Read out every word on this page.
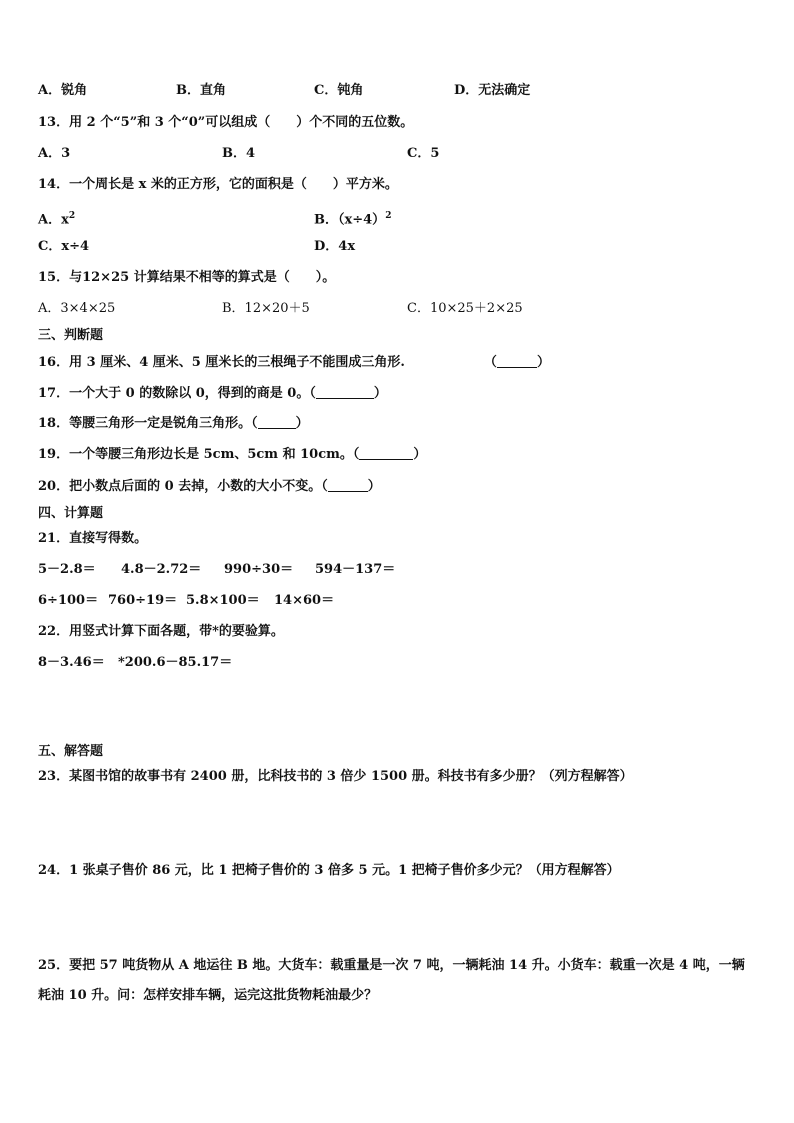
A．锐角	B．直角	C．钝角	D．无法确定
13．用 2 个“5”和 3 个“0”可以组成（　　）个不同的五位数。
A．3	B．4	C．5
14．一个周长是 x 米的正方形，它的面积是（　　）平方米。
A．$x^2$	B．$(x\div 4)^2$
C．x÷4	D．4x
15．与12×25 计算结果不相等的算式是（　　）。
A．3×4×25	B．12×20＋5	C．10×25＋2×25
三、判断题
16．用 3 厘米、4 厘米、5 厘米长的三根绳子不能围成三角形.	（	）
17．一个大于 0 的数除以 0，得到的商是 0。（	）
18．等腰三角形一定是锐角三角形。（	）
19．一个等腰三角形边长是 5cm、5cm 和 10cm。（	）
20．把小数点后面的 0 去掉，小数的大小不变。（	）
四、计算题
21．直接写得数。
5－2.8＝ 4.8－2.72＝ 990÷30＝ 594－137＝
6÷100＝ 760÷19＝ 5.8×100＝ 14×60＝
22．用竖式计算下面各题，带*的要验算。
8－3.46＝ *200.6－85.17＝
五、解答题
23．某图书馆的故事书有 2400 册，比科技书的 3 倍少 1500 册。科技书有多少册？（列方程解答）
24．1 张桌子售价 86 元，比 1 把椅子售价的 3 倍多 5 元。1 把椅子售价多少元？（用方程解答）
25．要把 57 吨货物从 A 地运往 B 地。大货车：载重量是一次 7 吨，一辆耗油 14 升。小货车：载重一次是 4 吨，一辆
耗油 10 升。问：怎样安排车辆，运完这批货物耗油最少？
